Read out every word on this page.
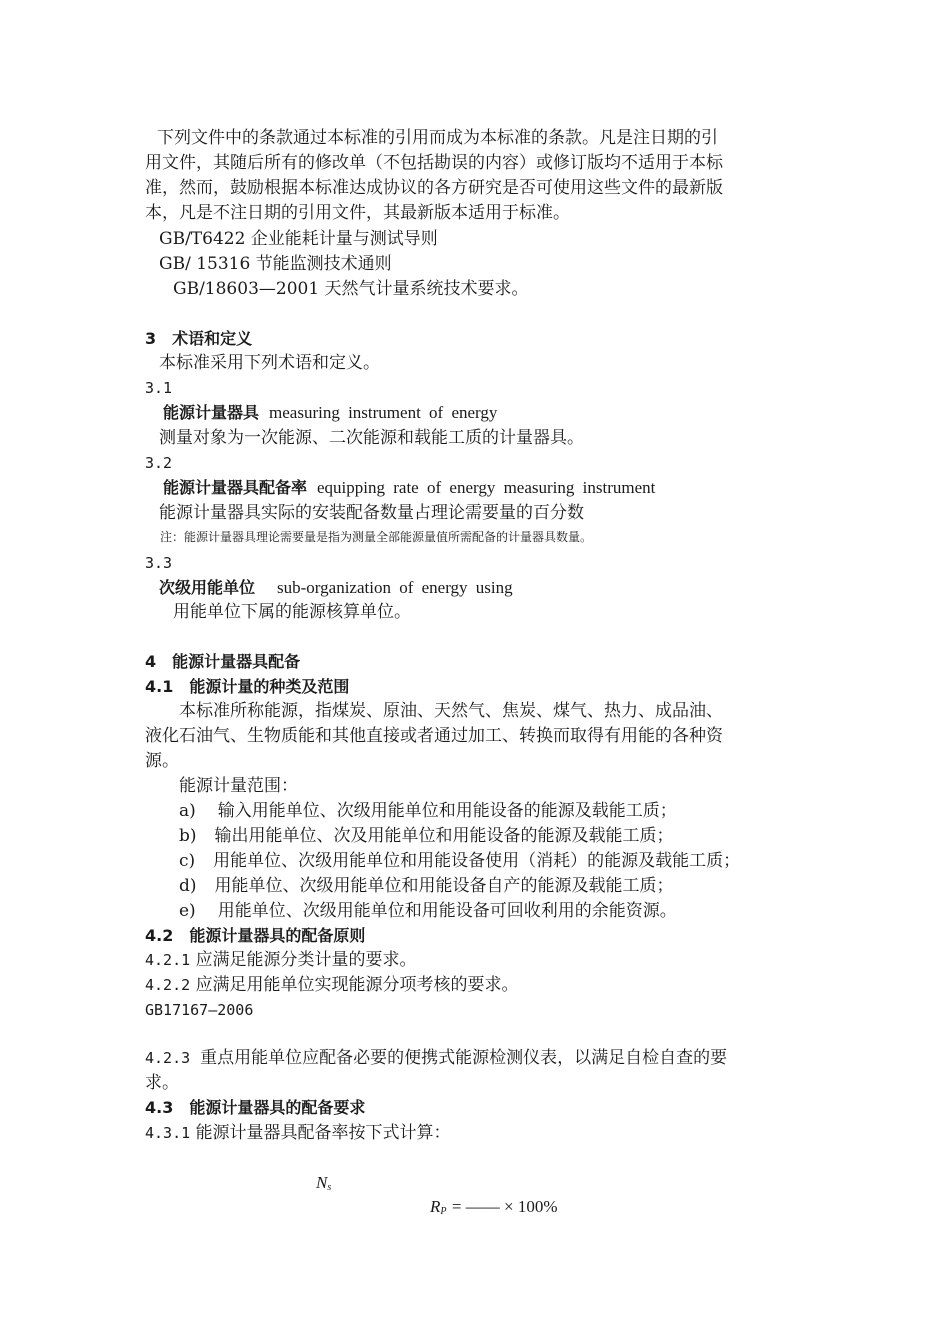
下列文件中的条款通过本标准的引用而成为本标准的条款。凡是注日期的引
用文件，其随后所有的修改单（不包括勘误的内容）或修订版均不适用于本标
准，然而，鼓励根据本标准达成协议的各方研究是否可使用这些文件的最新版
本，凡是不注日期的引用文件，其最新版本适用于标准。
GB/T6422 企业能耗计量与测试导则
GB/ 15316 节能监测技术通则
GB/18603—2001 天然气计量系统技术要求。
3　术语和定义
本标准采用下列术语和定义。
3.1
能源计量器具 measuring instrument of energy
测量对象为一次能源、二次能源和载能工质的计量器具。
3.2
能源计量器具配备率 equipping rate of energy measuring instrument
能源计量器具实际的安装配备数量占理论需要量的百分数
注：能源计量器具理论需要量是指为测量全部能源量值所需配备的计量器具数量。
3.3
次级用能单位 sub-organization of energy using
用能单位下属的能源核算单位。
4　能源计量器具配备
4.1　能源计量的种类及范围
本标准所称能源，指煤炭、原油、天然气、焦炭、煤气、热力、成品油、
液化石油气、生物质能和其他直接或者通过加工、转换而取得有用能的各种资
源。
能源计量范围：
a) 输入用能单位、次级用能单位和用能设备的能源及载能工质；
b) 输出用能单位、次及用能单位和用能设备的能源及载能工质；
c) 用能单位、次级用能单位和用能设备使用（消耗）的能源及载能工质；
d) 用能单位、次级用能单位和用能设备自产的能源及载能工质；
e) 用能单位、次级用能单位和用能设备可回收利用的余能资源。
4.2　能源计量器具的配备原则
4.2.1 应满足能源分类计量的要求。
4.2.2 应满足用能单位实现能源分项考核的要求。
GB17167—2006
4.2.3 重点用能单位应配备必要的便携式能源检测仪表，以满足自检自查的要
求。
4.3　能源计量器具的配备要求
4.3.1 能源计量器具配备率按下式计算：
$N_s$
$R_P$ = —— × 100%
